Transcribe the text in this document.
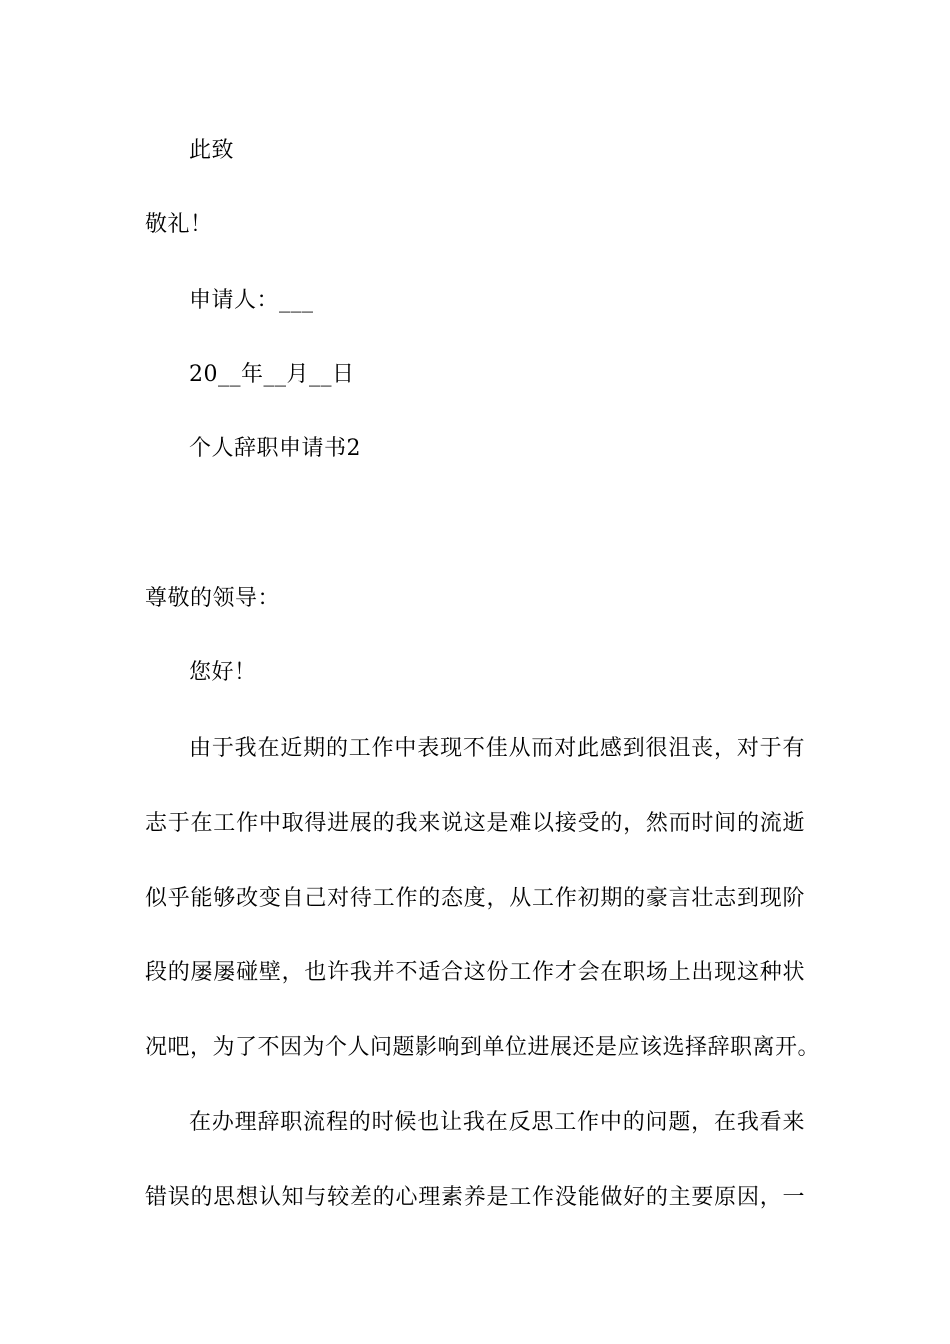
此致
敬礼！
申请人：___
20__年__月__日
个人辞职申请书2
尊敬的领导：
您好！
由于我在近期的工作中表现不佳从而对此感到很沮丧，对于有
志于在工作中取得进展的我来说这是难以接受的，然而时间的流逝
似乎能够改变自己对待工作的态度，从工作初期的豪言壮志到现阶
段的屡屡碰壁，也许我并不适合这份工作才会在职场上出现这种状
况吧，为了不因为个人问题影响到单位进展还是应该选择辞职离开。
在办理辞职流程的时候也让我在反思工作中的问题，在我看来
错误的思想认知与较差的心理素养是工作没能做好的主要原因，一
